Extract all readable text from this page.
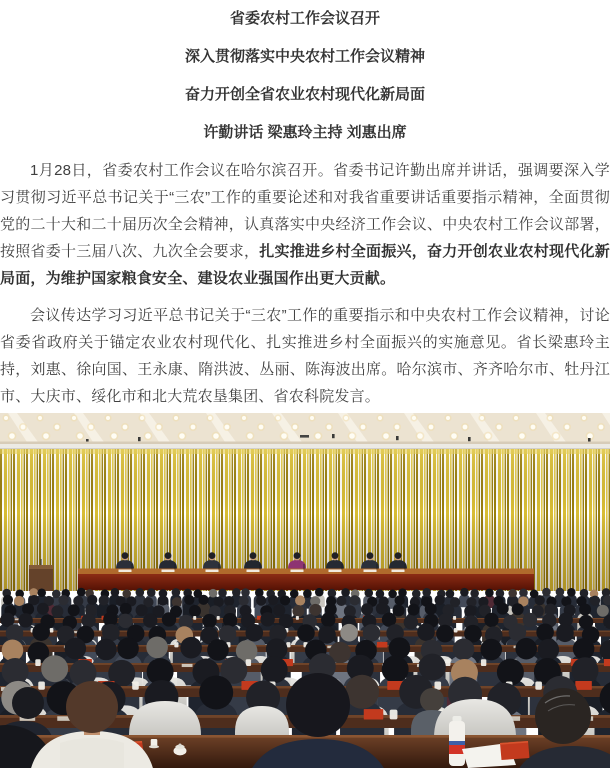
省委农村工作会议召开
深入贯彻落实中央农村工作会议精神
奋力开创全省农业农村现代化新局面
许勤讲话 梁惠玲主持 刘惠出席

1月28日，省委农村工作会议在哈尔滨召开。省委书记许勤出席并讲话，强调要深入学习贯彻习近平总书记关于“三农”工作的重要论述和对我省重要讲话重要指示精神，全面贯彻党的二十大和二十届历次全会精神，认真落实中央经济工作会议、中央农村工作会议部署，按照省委十三届八次、九次全会要求，扎实推进乡村全面振兴，奋力开创农业农村现代化新局面，为维护国家粮食安全、建设农业强国作出更大贡献。

会议传达学习习近平总书记关于“三农”工作的重要指示和中央农村工作会议精神，讨论省委省政府关于锚定农业农村现代化、扎实推进乡村全面振兴的实施意见。省长梁惠玲主持，刘惠、徐向国、王永康、隋洪波、丛丽、陈海波出席。哈尔滨市、齐齐哈尔市、牡丹江市、大庆市、绥化市和北大荒农垦集团、省农科院发言。
